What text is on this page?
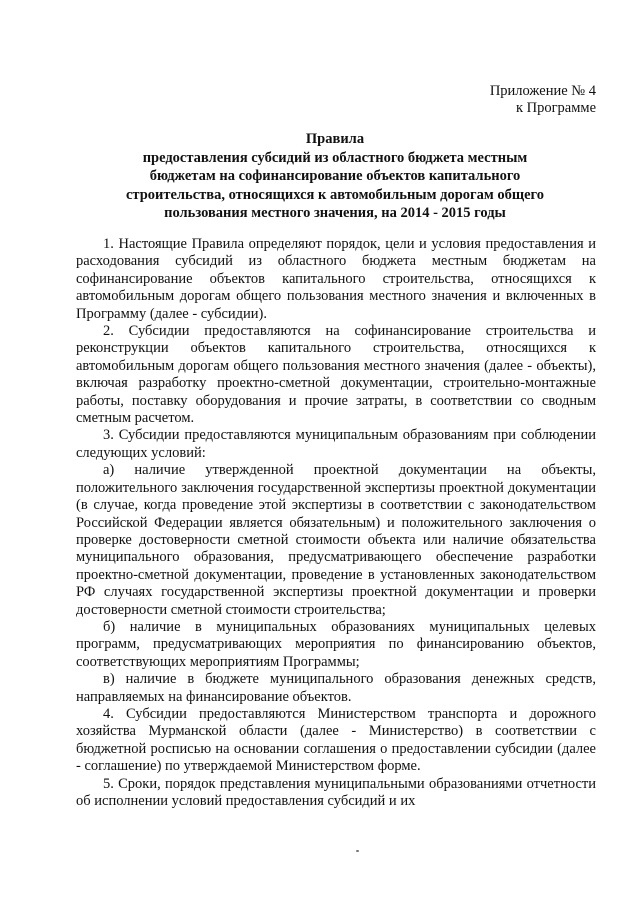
Приложение № 4
к Программе
Правила
предоставления субсидий из областного бюджета местным
бюджетам на софинансирование объектов капитального
строительства, относящихся к автомобильным дорогам общего
пользования местного значения, на 2014 - 2015 годы

1. Настоящие Правила определяют порядок, цели и условия предоставления и расходования субсидий из областного бюджета местным бюджетам на софинансирование объектов капитального строительства, относящихся к автомобильным дорогам общего пользования местного значения и включенных в Программу (далее - субсидии).

2. Субсидии предоставляются на софинансирование строительства и реконструкции объектов капитального строительства, относящихся к автомобильным дорогам общего пользования местного значения (далее - объекты), включая разработку проектно-сметной документации, строительно-монтажные работы, поставку оборудования и прочие затраты, в соответствии со сводным сметным расчетом.

3. Субсидии предоставляются муниципальным образованиям при соблюдении следующих условий:

а) наличие утвержденной проектной документации на объекты, положительного заключения государственной экспертизы проектной документации (в случае, когда проведение этой экспертизы в соответствии с законодательством Российской Федерации является обязательным) и положительного заключения о проверке достоверности сметной стоимости объекта или наличие обязательства муниципального образования, предусматривающего обеспечение разработки проектно-сметной документации, проведение в установленных законодательством РФ случаях государственной экспертизы проектной документации и проверки достоверности сметной стоимости строительства;

б) наличие в муниципальных образованиях муниципальных целевых программ, предусматривающих мероприятия по финансированию объектов, соответствующих мероприятиям Программы;

в) наличие в бюджете муниципального образования денежных средств, направляемых на финансирование объектов.

4. Субсидии предоставляются Министерством транспорта и дорожного хозяйства Мурманской области (далее - Министерство) в соответствии с бюджетной росписью на основании соглашения о предоставлении субсидии (далее - соглашение) по утверждаемой Министерством форме.

5. Сроки, порядок представления муниципальными образованиями отчетности об исполнении условий предоставления субсидий и их
